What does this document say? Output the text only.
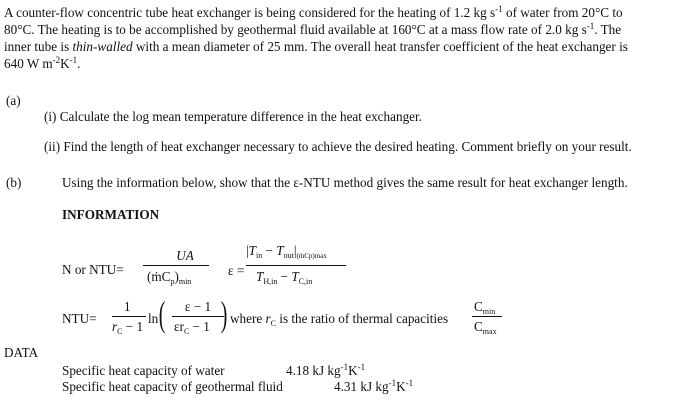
A counter-flow concentric tube heat exchanger is being considered for the heating of 1.2 kg $s^{-1}$ of water from 20°C to
80°C. The heating is to be accomplished by geothermal fluid available at 160°C at a mass flow rate of 2.0 kg $s^{-1}$. The
inner tube is thin-walled with a mean diameter of 25 mm. The overall heat transfer coefficient of the heat exchanger is
640 W $m^{-2}K^{-1}$.
(a)
(i) Calculate the log mean temperature difference in the heat exchanger.
(ii) Find the length of heat exchanger necessary to achieve the desired heating. Comment briefly on your result.
(b)	Using the information below, show that the ε-NTU method gives the same result for heat exchanger length.
INFORMATION
N or NTU=
UA
$(ṁC_p)_{min}$
ε =
$|T_{in} - T_{out}|_{(ṁCp)max}$
$T_{H,in} - T_{C,in}$
NTU=
1
$r_C - 1$
ln (	ε − 1
$\varepsilon r_C - 1$ ) where $r_C$ is the ratio of thermal capacities
$C_{min}$
$C_{max}$
DATA
Specific heat capacity of water	4.18 kJ $kg^{-1}K^{-1}$
Specific heat capacity of geothermal fluid	4.31 kJ $kg^{-1}K^{-1}$
